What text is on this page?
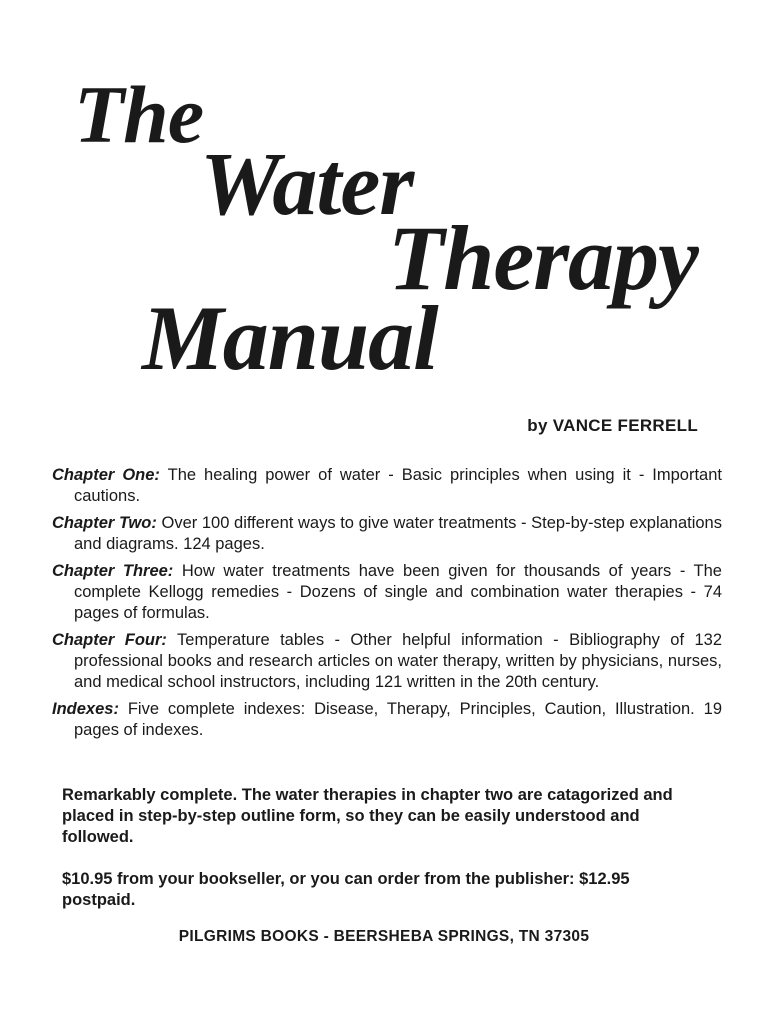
The
Water
Therapy
Manual
by VANCE FERRELL
Chapter One: The healing power of water - Basic principles when using it - Important cautions.
Chapter Two: Over 100 different ways to give water treatments - Step-by-step explanations and diagrams. 124 pages.
Chapter Three: How water treatments have been given for thousands of years - The complete Kellogg remedies - Dozens of single and combination water therapies - 74 pages of formulas.
Chapter Four: Temperature tables - Other helpful information - Bibliography of 132 professional books and research articles on water therapy, written by physicians, nurses, and medical school instructors, including 121 written in the 20th century.
Indexes: Five complete indexes: Disease, Therapy, Principles, Caution, Illustration. 19 pages of indexes.

Remarkably complete. The water therapies in chapter two are catagorized and placed in step-by-step outline form, so they can be easily understood and followed.

$10.95 from your bookseller, or you can order from the publisher: $12.95 postpaid.

PILGRIMS BOOKS - BEERSHEBA SPRINGS, TN 37305
